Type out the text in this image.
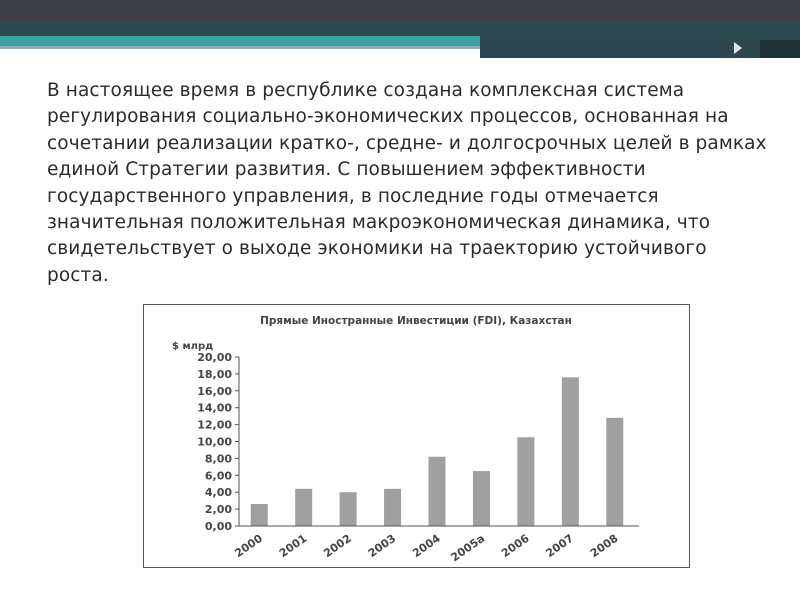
В настоящее время в республике создана комплексная система регулирования социально-экономических процессов, основанная на сочетании реализации кратко-, средне- и долгосрочных целей в рамках единой Стратегии развития. С повышением эффективности государственного управления, в последние годы отмечается значительная положительная макроэкономическая динамика, что свидетельствует о выходе экономики на траекторию устойчивого роста.

Прямые Иностранные Инвестиции (FDI), Казахстан
$ млрд
0,00
2,00
4,00
6,00
8,00
10,00
12,00
14,00
16,00
18,00
20,00
2000 2001 2002 2003 2004 2005а 2006 2007 2008
